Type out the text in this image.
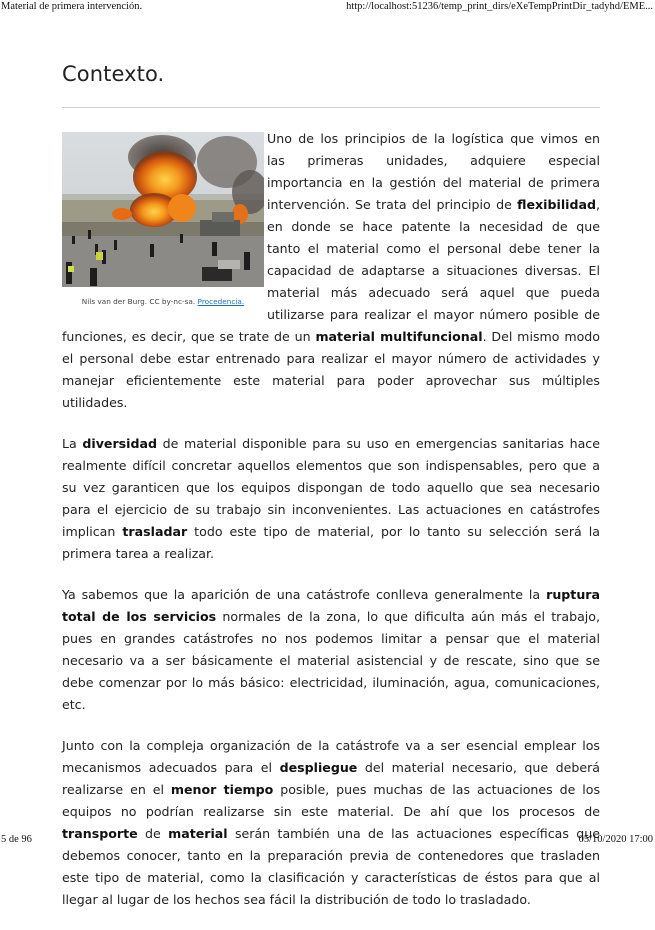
Material de primera intervención.	http://localhost:51236/temp_print_dirs/eXeTempPrintDir_tadyhd/EME...
Contexto.
Nils van der Burg. CC by-nc-sa. Procedencia.

Uno de los principios de la logística que vimos en las primeras unidades, adquiere especial importancia en la gestión del material de primera intervención. Se trata del principio de flexibilidad, en donde se hace patente la necesidad de que tanto el material como el personal debe tener la capacidad de adaptarse a situaciones diversas. El material más adecuado será aquel que pueda utilizarse para realizar el mayor número posible de funciones, es decir, que se trate de un material multifuncional. Del mismo modo el personal debe estar entrenado para realizar el mayor número de actividades y manejar eficientemente este material para poder aprovechar sus múltiples utilidades.

La diversidad de material disponible para su uso en emergencias sanitarias hace realmente difícil concretar aquellos elementos que son indispensables, pero que a su vez garanticen que los equipos dispongan de todo aquello que sea necesario para el ejercicio de su trabajo sin inconvenientes. Las actuaciones en catástrofes implican trasladar todo este tipo de material, por lo tanto su selección será la primera tarea a realizar.

Ya sabemos que la aparición de una catástrofe conlleva generalmente la ruptura total de los servicios normales de la zona, lo que dificulta aún más el trabajo, pues en grandes catástrofes no nos podemos limitar a pensar que el material necesario va a ser básicamente el material asistencial y de rescate, sino que se debe comenzar por lo más básico: electricidad, iluminación, agua, comunicaciones, etc.

Junto con la compleja organización de la catástrofe va a ser esencial emplear los mecanismos adecuados para el despliegue del material necesario, que deberá realizarse en el menor tiempo posible, pues muchas de las actuaciones de los equipos no podrían realizarse sin este material. De ahí que los procesos de transporte de material serán también una de las actuaciones específicas que debemos conocer, tanto en la preparación previa de contenedores que trasladen este tipo de material, como la clasificación y características de éstos para que al llegar al lugar de los hechos sea fácil la distribución de todo lo trasladado.

5 de 96	05/10/2020 17:00
